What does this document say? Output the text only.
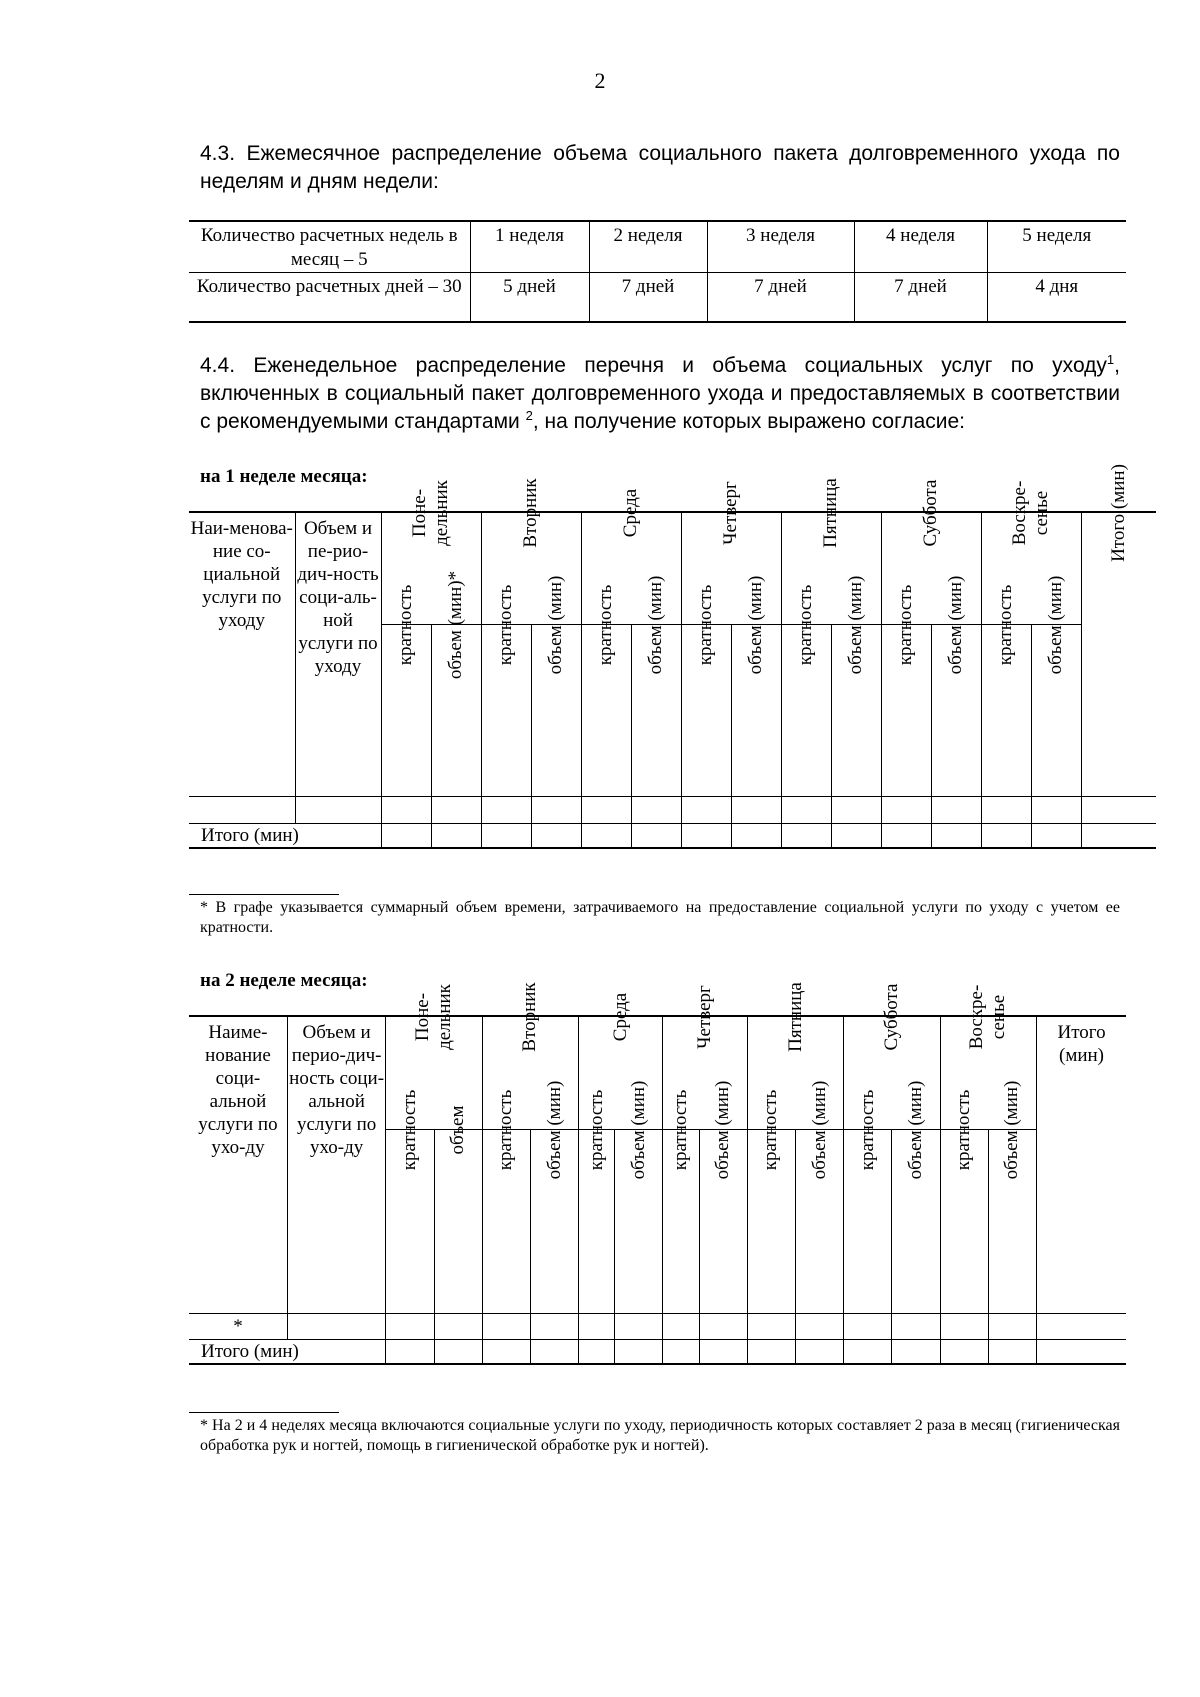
2
4.3. Ежемесячное распределение объема социального пакета долговременного ухода по неделям и дням недели:
Количество расчетных недель в месяц – 5	1 неделя	2 неделя	3 неделя	4 неделя	5 неделя
Количество расчетных дней – 30	5 дней	7 дней	7 дней	7 дней	4 дня
4.4. Еженедельное распределение перечня и объема социальных услуг по уходу$^1$, включенных в социальный пакет долговременного ухода и предоставляемых в соответствии с рекомендуемыми стандартами $^2$, на получение которых выражено согласие:
на 1 неделе месяца:
Наи-менова-ние со-циальной услуги по уходу	Объем и пе-рио-дич-ность соци-аль-ной услуги по уходу	Поне- дельник		Вторник		Среда		Четверг		Пятница		Суббота		Воскре- сенье		Итого (мин)

		кратность	объем (мин)*	кратность	объем (мин)	кратность	объем (мин)	кратность	объем (мин)	кратность	объем (мин)	кратность	объем (мин)	кратность	объем (мин)	

Итого (мин)																
* В графе указывается суммарный объем времени, затрачиваемого на предоставление социальной услуги по уходу с учетом ее кратности.
на 2 неделе месяца:
Наиме-нование соци-альной услуги по ухо-ду	Объем и перио-дич-ность соци-альной услуги по ухо-ду	Поне- дельник		Вторник		Среда		Четверг		Пятница		Суббота		Воскре- сенье		Итого (мин)

		кратность	объем	кратность	объем (мин)	кратность	объем (мин)	кратность	объем (мин)	кратность	объем (мин)	кратность	объем (мин)	кратность	объем (мин)	

*																
Итого (мин)																
* На 2 и 4 неделях месяца включаются социальные услуги по уходу, периодичность которых составляет 2 раза в месяц (гигиеническая обработка рук и ногтей, помощь в гигиенической обработке рук и ногтей).
